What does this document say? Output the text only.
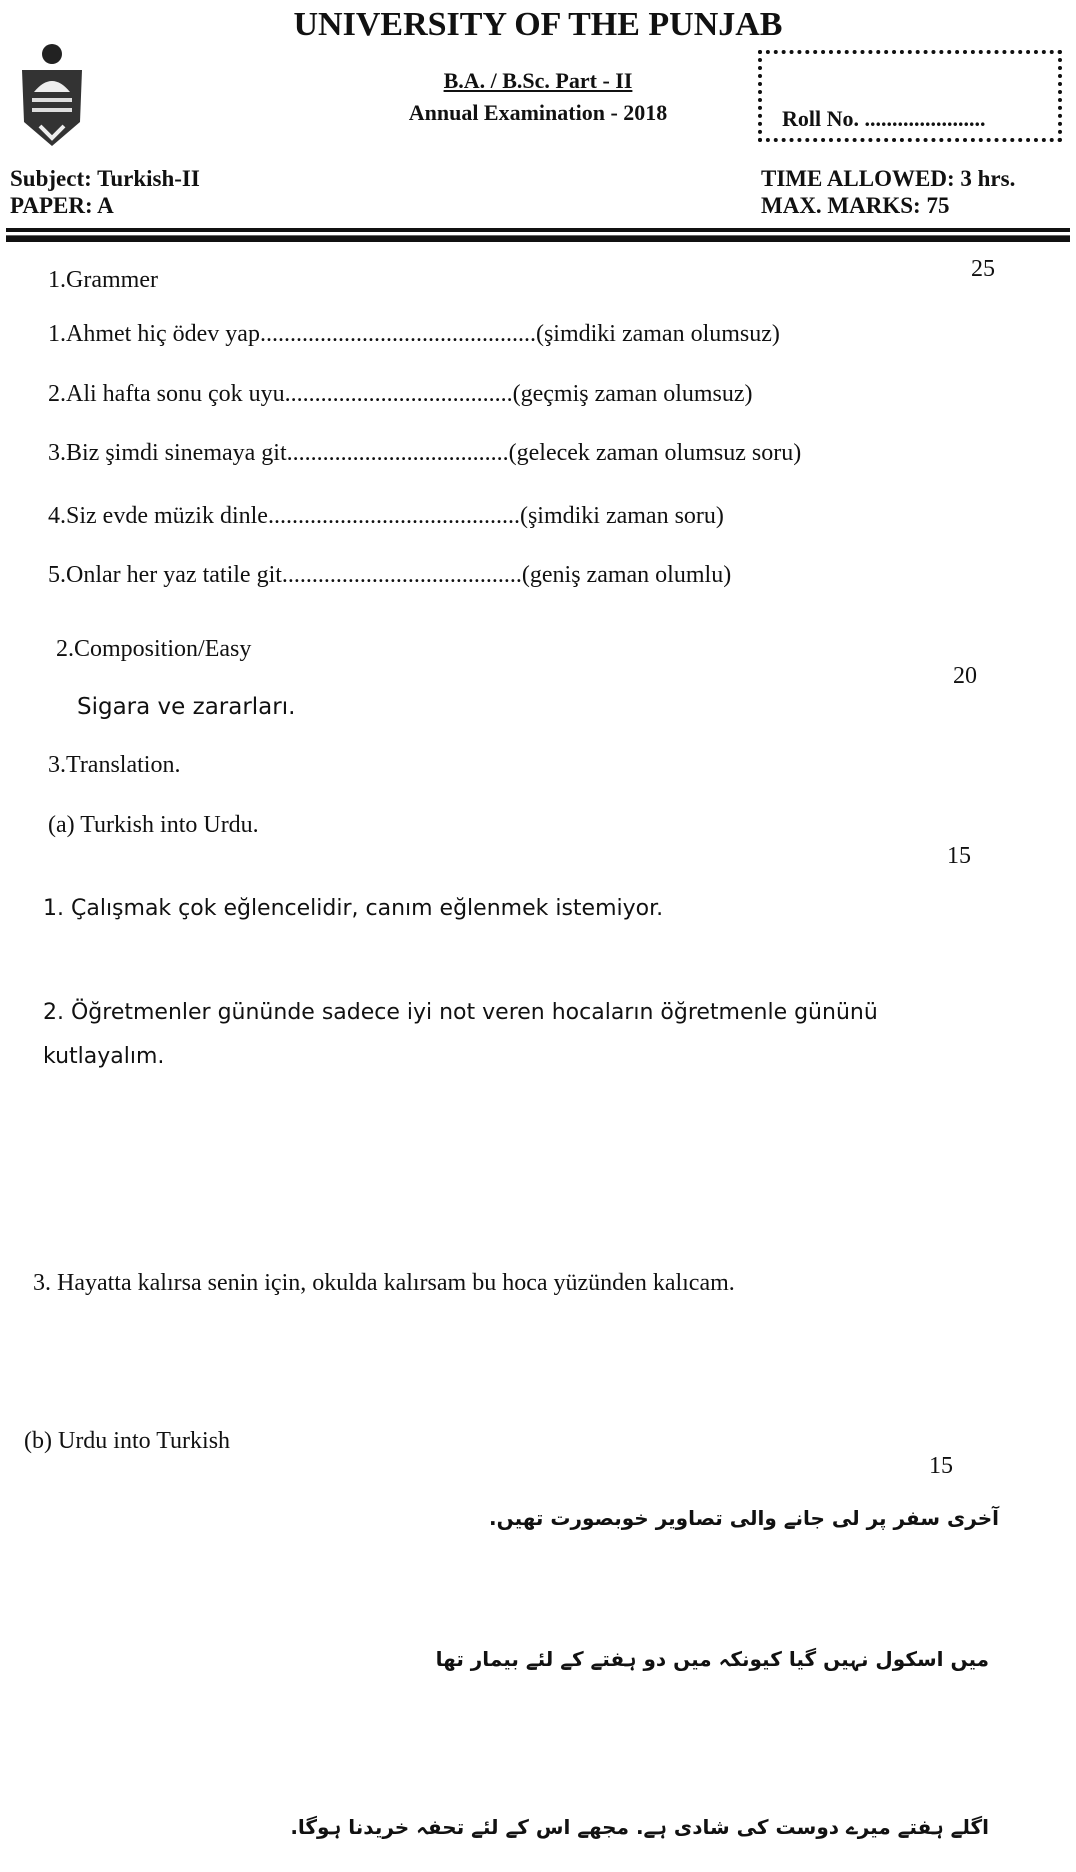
UNIVERSITY OF THE PUNJAB
B.A. / B.Sc. Part - II
Annual Examination - 2018	Roll No. ......................
Subject: Turkish-II
PAPER: A
TIME ALLOWED: 3 hrs.
MAX. MARKS: 75
1.Grammer	25
1.Ahmet hiç ödev yap..............................................(şimdiki zaman olumsuz)
2.Ali hafta sonu çok uyu......................................(geçmiş zaman olumsuz)
3.Biz şimdi sinemaya git.....................................(gelecek zaman olumsuz soru)
4.Siz evde müzik dinle..........................................(şimdiki zaman soru)
5.Onlar her yaz tatile git........................................(geniş zaman olumlu)
2.Composition/Easy
20
Sigara ve zararları.
3.Translation.
(a) Turkish into Urdu.
15
1. Çalışmak çok eğlencelidir, canım eğlenmek istemiyor.
2. Öğretmenler gününde sadece iyi not veren hocaların öğretmenle gününü
kutlayalım.
3. Hayatta kalırsa senin için, okulda kalırsam bu hoca yüzünden kalıcam.
(b) Urdu into Turkish
15
آخری سفر پر لی جانے والی تصاویر خوبصورت تھیں.
میں اسکول نہیں گیا کیونکہ میں دو ہفتے کے لئے بیمار تھا
اگلے ہفتے میرے دوست کی شادی ہے. مجھے اس کے لئے تحفہ خریدنا ہوگا.
